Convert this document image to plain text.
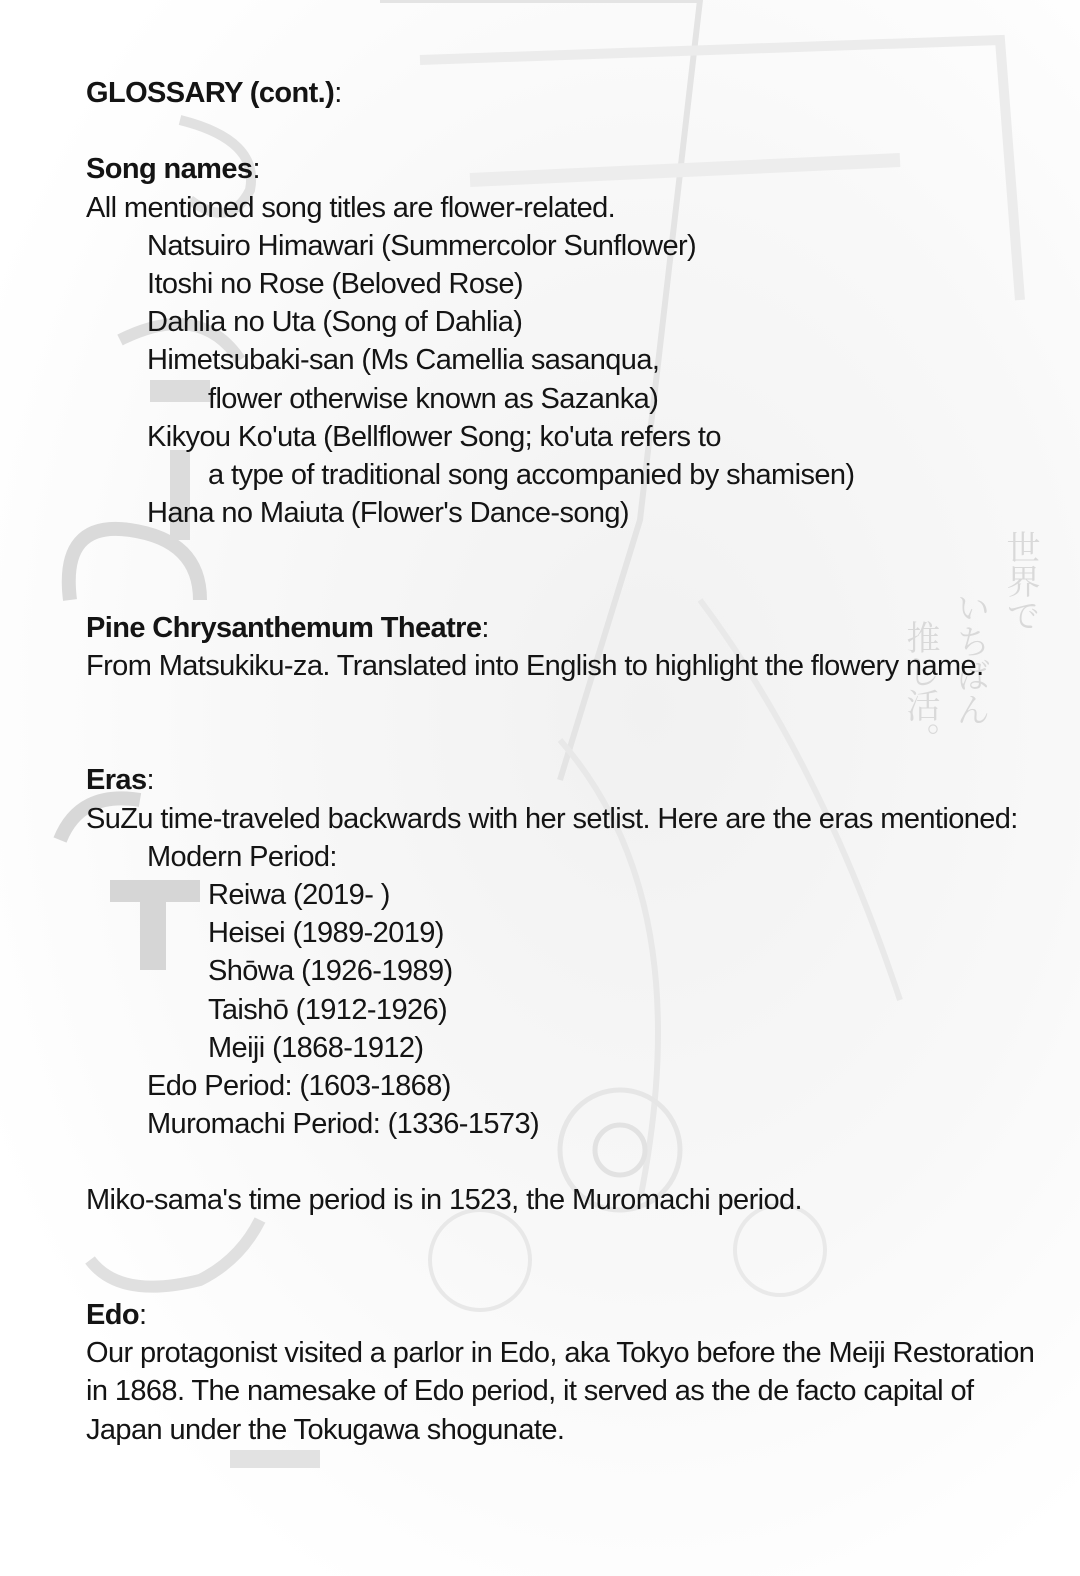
世界で
いちばん
推し活。
GLOSSARY (cont.):
Song names:
All mentioned song titles are flower-related.
Natsuiro Himawari (Summercolor Sunflower)
Itoshi no Rose (Beloved Rose)
Dahlia no Uta (Song of Dahlia)
Himetsubaki-san (Ms Camellia sasanqua,
flower otherwise known as Sazanka)
Kikyou Ko'uta (Bellflower Song; ko'uta refers to
a type of traditional song accompanied by shamisen)
Hana no Maiuta (Flower's Dance-song)
Pine Chrysanthemum Theatre:
From Matsukiku-za. Translated into English to highlight the flowery name.
Eras:
SuZu time-traveled backwards with her setlist. Here are the eras mentioned:
Modern Period:
Reiwa (2019- )
Heisei (1989-2019)
Shōwa (1926-1989)
Taishō (1912-1926)
Meiji (1868-1912)
Edo Period: (1603-1868)
Muromachi Period: (1336-1573)
Miko-sama's time period is in 1523, the Muromachi period.
Edo:
Our protagonist visited a parlor in Edo, aka Tokyo before the Meiji Restoration
in 1868. The namesake of Edo period, it served as the de facto capital of
Japan under the Tokugawa shogunate.
